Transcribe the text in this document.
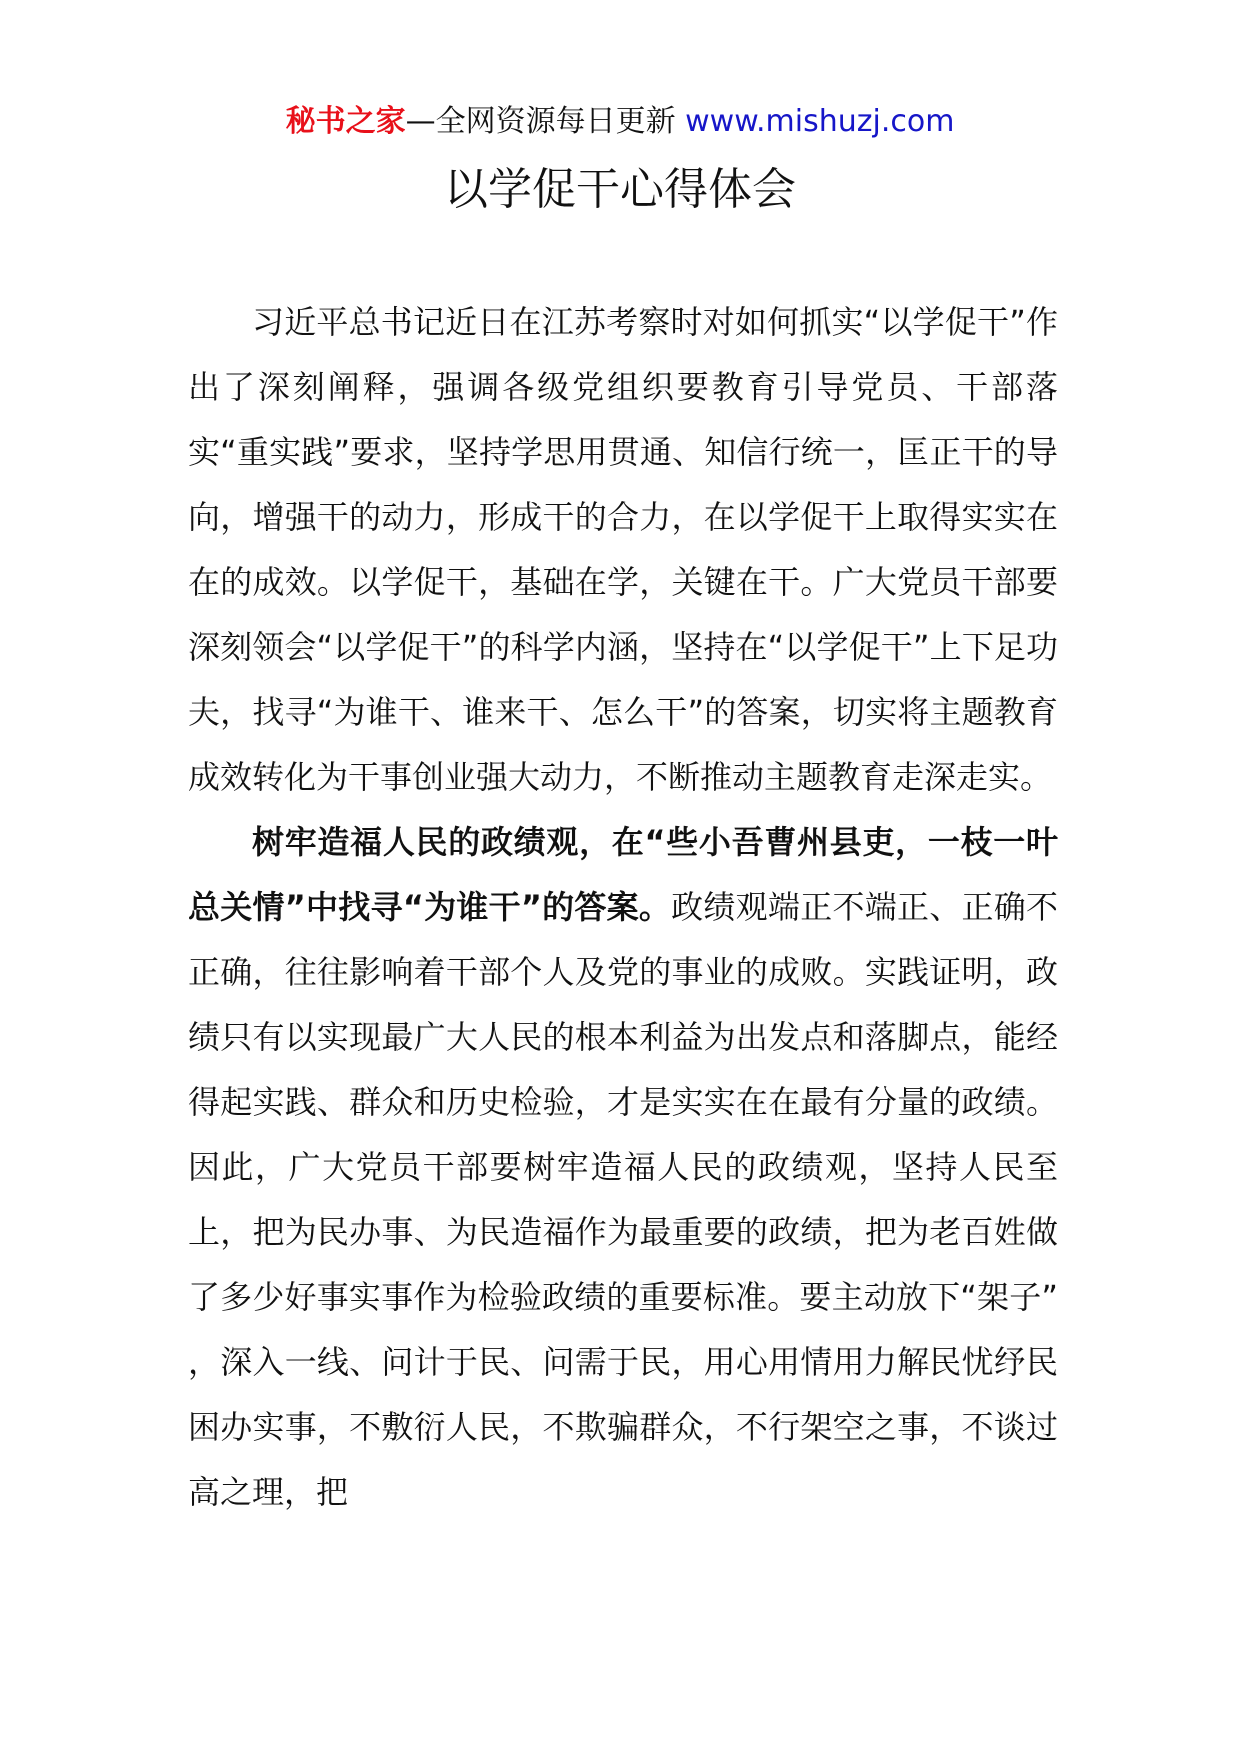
秘书之家—全网资源每日更新 www.mishuzj.com
以学促干心得体会

习近平总书记近日在江苏考察时对如何抓实“以学促干”作出了深刻阐释，强调各级党组织要教育引导党员、干部落实“重实践”要求，坚持学思用贯通、知信行统一，匡正干的导向，增强干的动力，形成干的合力，在以学促干上取得实实在在的成效。以学促干，基础在学，关键在干。广大党员干部要深刻领会“以学促干”的科学内涵，坚持在“以学促干”上下足功夫，找寻“为谁干、谁来干、怎么干”的答案，切实将主题教育成效转化为干事创业强大动力，不断推动主题教育走深走实。

树牢造福人民的政绩观，在“些小吾曹州县吏，一枝一叶总关情”中找寻“为谁干”的答案。政绩观端正不端正、正确不正确，往往影响着干部个人及党的事业的成败。实践证明，政绩只有以实现最广大人民的根本利益为出发点和落脚点，能经得起实践、群众和历史检验，才是实实在在最有分量的政绩。因此，广大党员干部要树牢造福人民的政绩观，坚持人民至上，把为民办事、为民造福作为最重要的政绩，把为老百姓做了多少好事实事作为检验政绩的重要标准。要主动放下“架子” ，深入一线、问计于民、问需于民，用心用情用力解民忧纾民困办实事，不敷衍人民，不欺骗群众，不行架空之事，不谈过高之理，把
